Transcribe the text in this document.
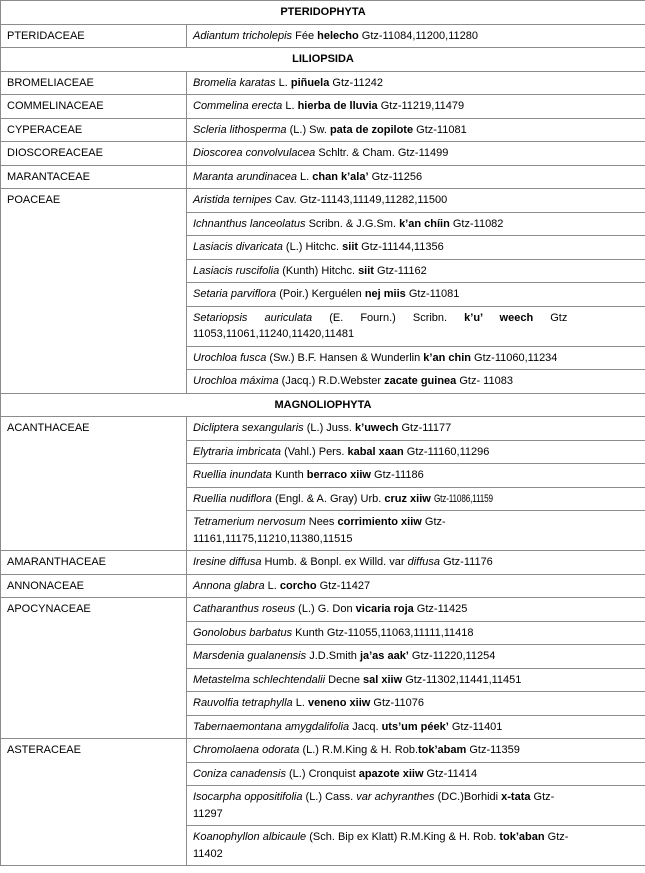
PTERIDOPHYTA	
PTERIDACEAE	Adiantum tricholepis Fée helecho Gtz-11084,11200,11280
LILIOPSIDA	
BROMELIACEAE	Bromelia karatas L. piñuela Gtz-11242
COMMELINACEAE	Commelina erecta L. hierba de lluvia Gtz-11219,11479
CYPERACEAE	Scleria lithosperma (L.) Sw. pata de zopilote Gtz-11081
DIOSCOREACEAE	Dioscorea convolvulacea Schltr. & Cham. Gtz-11499
MARANTACEAE	Maranta arundinacea L. chan k’ala’ Gtz-11256
POACEAE	Aristida ternipes Cav. Gtz-11143,11149,11282,11500
	Ichnanthus lanceolatus Scribn. & J.G.Sm. k’an chíin Gtz-11082
	Lasiacis divaricata (L.) Hitchc. siit Gtz-11144,11356
	Lasiacis ruscifolia (Kunth) Hitchc. siit Gtz-11162
	Setaria parviflora (Poir.) Kerguélen nej miis Gtz-11081
	Setariopsis auriculata (E. Fourn.) Scribn. k’u’ weech Gtz
11053,11061,11240,11420,11481
	Urochloa fusca (Sw.) B.F. Hansen & Wunderlin k’an chin Gtz-11060,11234
	Urochloa máxima (Jacq.) R.D.Webster zacate guinea Gtz- 11083
MAGNOLIOPHYTA	
ACANTHACEAE	Dicliptera sexangularis (L.) Juss. k’uwech Gtz-11177
	Elytraria imbricata (Vahl.) Pers. kabal xaan Gtz-11160,11296
	Ruellia inundata Kunth berraco xiiw Gtz-11186
	Ruellia nudiflora (Engl. & A. Gray) Urb. cruz xiiw Gtz-11086,11159
	Tetramerium nervosum Nees corrimiento xiiw Gtz-
11161,11175,11210,11380,11515
AMARANTHACEAE	Iresine diffusa Humb. & Bonpl. ex Willd. var diffusa Gtz-11176
ANNONACEAE	Annona glabra L. corcho Gtz-11427
APOCYNACEAE	Catharanthus roseus (L.) G. Don vicaria roja Gtz-11425
	Gonolobus barbatus Kunth Gtz-11055,11063,11111,11418
	Marsdenia gualanensis J.D.Smith ja’as aak’ Gtz-11220,11254
	Metastelma schlechtendalii Decne sal xiiw Gtz-11302,11441,11451
	Rauvolfia tetraphylla L. veneno xiiw Gtz-11076
	Tabernaemontana amygdalifolia Jacq. uts’um péek’ Gtz-11401
ASTERACEAE	Chromolaena odorata (L.) R.M.King & H. Rob.tok’abam Gtz-11359
	Coniza canadensis (L.) Cronquist apazote xiiw Gtz-11414
	Isocarpha oppositifolia (L.) Cass. var achyranthes (DC.)Borhidi x-tata Gtz-
11297
	Koanophyllon albicaule (Sch. Bip ex Klatt) R.M.King & H. Rob. tok’aban Gtz-
11402
